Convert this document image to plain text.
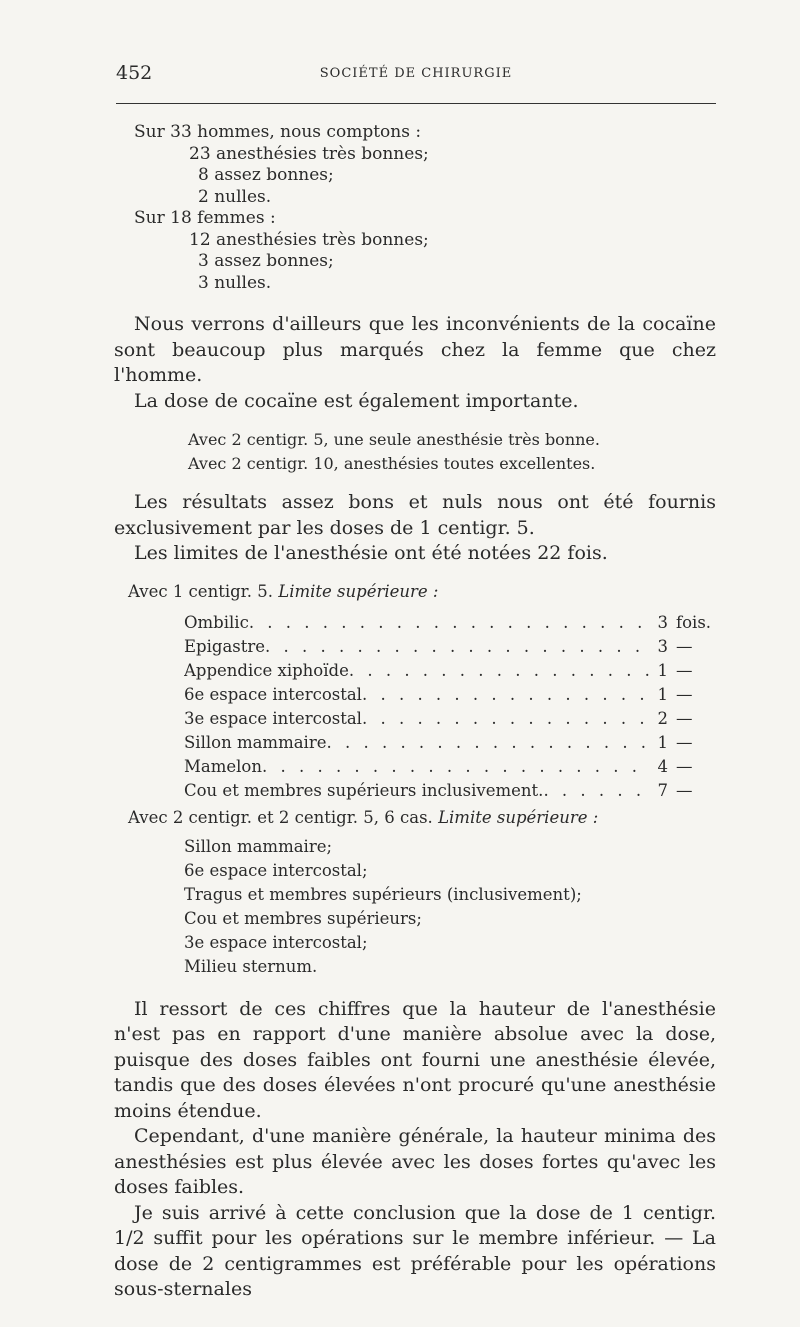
452	SOCIÉTÉ DE CHIRURGIE
Sur 33 hommes, nous comptons :
23 anesthésies très bonnes;
8 assez bonnes;
2 nulles.
Sur 18 femmes :
12 anesthésies très bonnes;
3 assez bonnes;
3 nulles.
Nous verrons d'ailleurs que les inconvénients de la cocaïne sont beaucoup plus marqués chez la femme que chez l'homme.
La dose de cocaïne est également importante.
Avec 2 centigr. 5, une seule anesthésie très bonne.
Avec 2 centigr. 10, anesthésies toutes excellentes.
Les résultats assez bons et nuls nous ont été fournis exclusivement par les doses de 1 centigr. 5.
Les limites de l'anesthésie ont été notées 22 fois.
Avec 1 centigr. 5. Limite supérieure :
Ombilic . . .	3 fois.
Epigastre . . .	3 —
Appendice xiphoïde . . .	1 —
6e espace intercostal . . .	1 —
3e espace intercostal . . .	2 —
Sillon mammaire . . .	1 —
Mamelon . . .	4 —
Cou et membres supérieurs inclusivement. . . .	7 —
Avec 2 centigr. et 2 centigr. 5, 6 cas. Limite supérieure :
Sillon mammaire;
6e espace intercostal;
Tragus et membres supérieurs (inclusivement);
Cou et membres supérieurs;
3e espace intercostal;
Milieu sternum.
Il ressort de ces chiffres que la hauteur de l'anesthésie n'est pas en rapport d'une manière absolue avec la dose, puisque des doses faibles ont fourni une anesthésie élevée, tandis que des doses élevées n'ont procuré qu'une anesthésie moins étendue.
Cependant, d'une manière générale, la hauteur minima des anesthésies est plus élevée avec les doses fortes qu'avec les doses faibles.
Je suis arrivé à cette conclusion que la dose de 1 centigr. 1/2 suffit pour les opérations sur le membre inférieur. — La dose de 2 centigrammes est préférable pour les opérations sous-sternales
